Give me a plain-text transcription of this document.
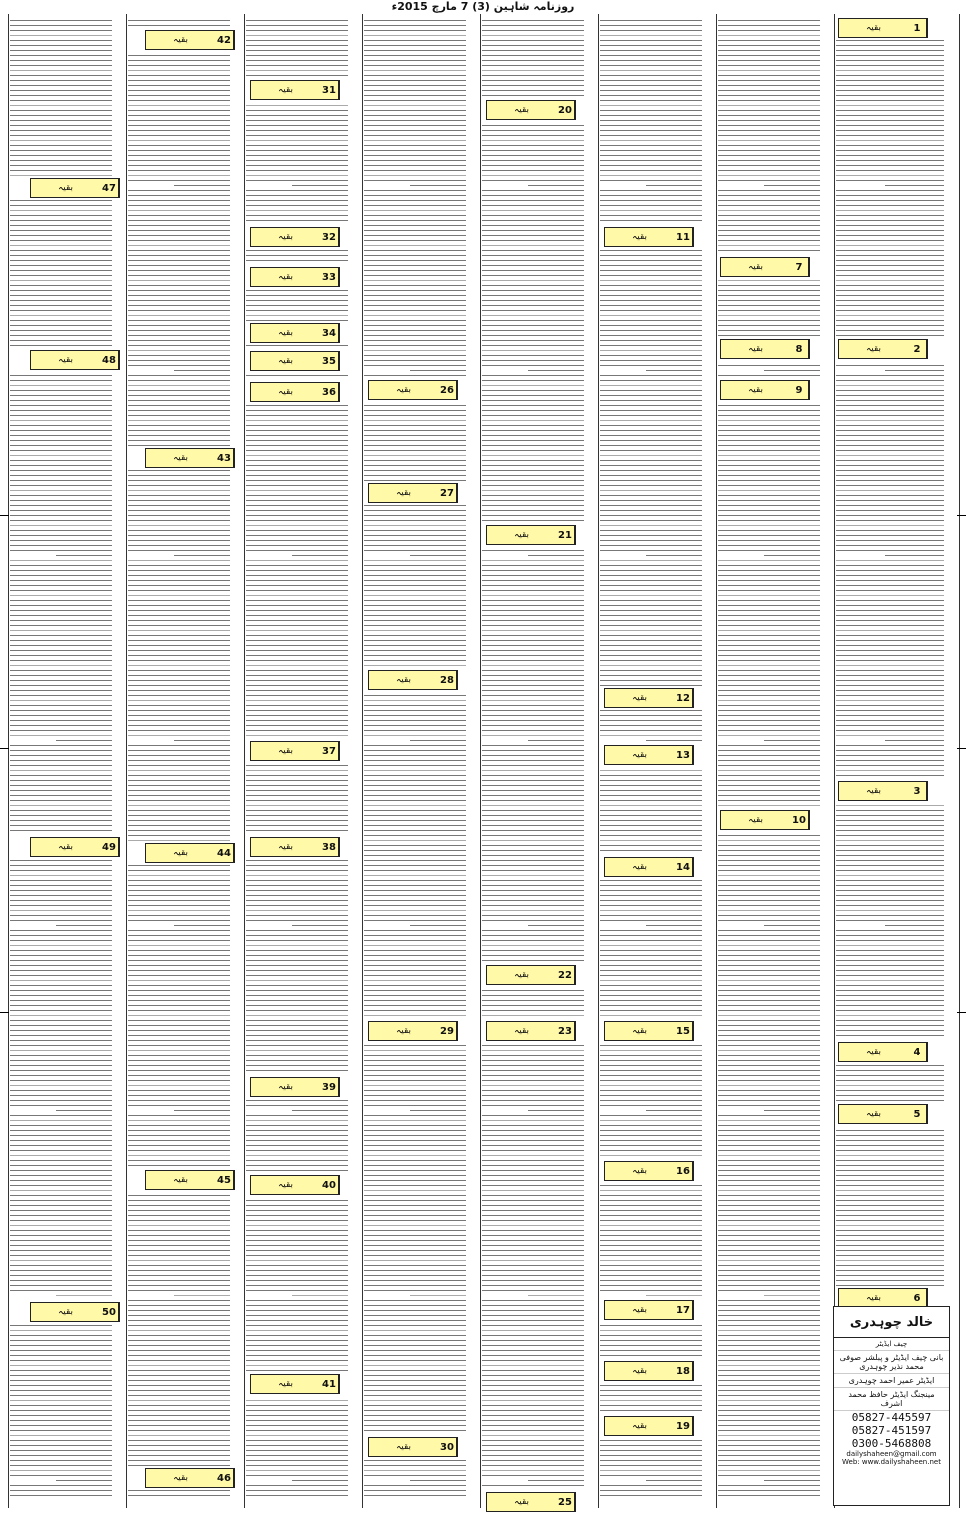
روزنامہ شاہین (3) 7 مارچ 2015ء
بقیہ	1
بقیہ	2
بقیہ	3
بقیہ	4
بقیہ	5
بقیہ	6
بقیہ	7
بقیہ	8
بقیہ	9
بقیہ	10
بقیہ	11
بقیہ	12
بقیہ	13
بقیہ	14
بقیہ	15
بقیہ	16
بقیہ	17
بقیہ	18
بقیہ	19
بقیہ	20
بقیہ	21
بقیہ	22
بقیہ	23
بقیہ	25
بقیہ	26
بقیہ	27
بقیہ	28
بقیہ	29
بقیہ	30
بقیہ	31
بقیہ	32
بقیہ	33
بقیہ	34
بقیہ	35
بقیہ	36
بقیہ	37
بقیہ	38
بقیہ	39
بقیہ	40
بقیہ	41
بقیہ	42
بقیہ	43
بقیہ	44
بقیہ	45
بقیہ	46
بقیہ	47
بقیہ	48
بقیہ	49
بقیہ	50
خالد چوہدری
چیف ایڈیٹر
بانی چیف ایڈیٹر و پبلشر صوفی محمد نذیر چوہدری
ایڈیٹر عمیر احمد چوہدری
مینجنگ ایڈیٹر حافظ محمد اشرف
05827-445597
05827-451597
0300-5468808
dailyshaheen@gmail.com
Web: www.dailyshaheen.net
